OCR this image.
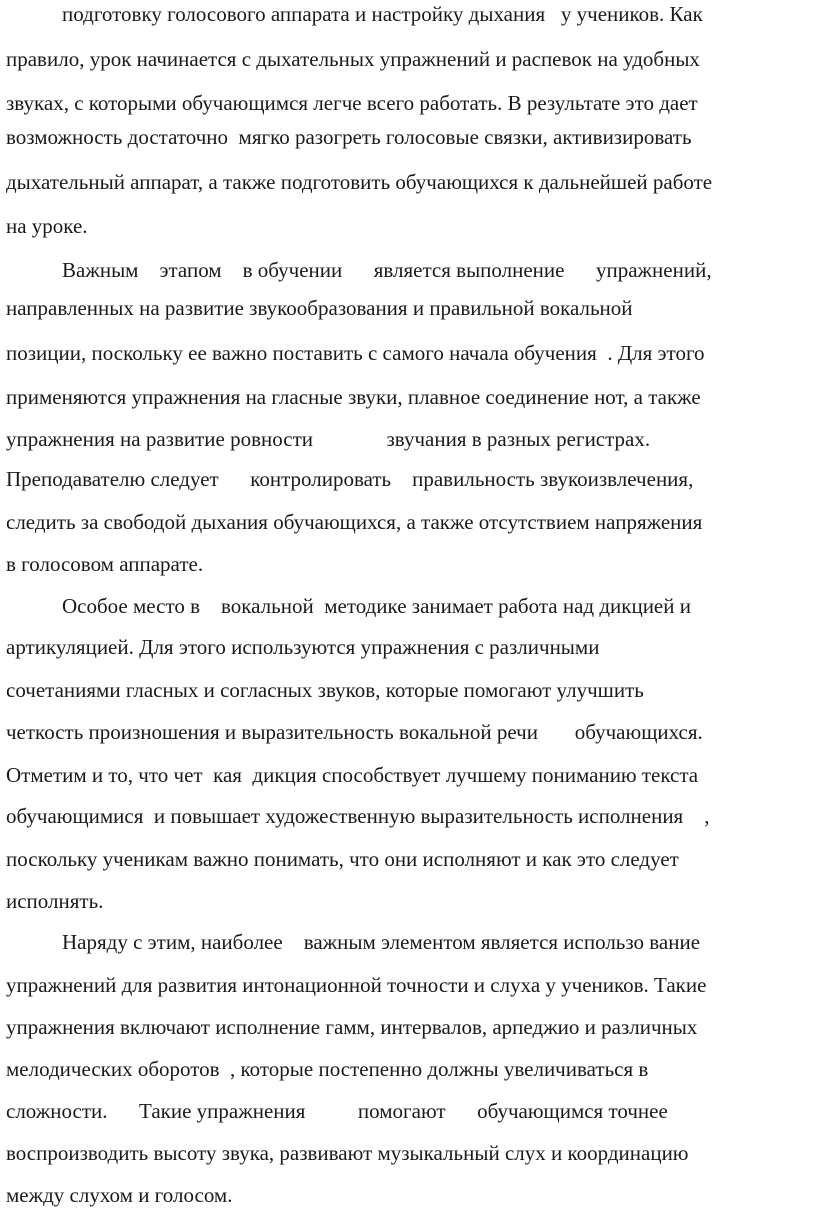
подготовку голосового аппарата и настройку дыхания   у учеников. Как
правило, урок начинается с дыхательных упражнений и распевок на удобных
звуках, с которыми обучающимся легче всего работать. В результате это дает
возможность достаточно  мягко разогреть голосовые связки, активизировать
дыхательный аппарат, а также подготовить обучающихся к дальнейшей работе
на уроке.
Важным    этапом    в обучении      является выполнение      упражнений,
направленных на развитие звукообразования и правильной вокальной
позиции, поскольку ее важно поставить с самого начала обучения  . Для этого
применяются упражнения на гласные звуки, плавное соединение нот, а также
упражнения на развитие ровности              звучания в разных регистрах.
Преподавателю следует      контролировать    правильность звукоизвлечения,
следить за свободой дыхания обучающихся, а также отсутствием напряжения
в голосовом аппарате.
Особое место в    вокальной  методике занимает работа над дикцией и
артикуляцией. Для этого используются упражнения с различными
сочетаниями гласных и согласных звуков, которые помогают улучшить
четкость произношения и выразительность вокальной речи       обучающихся.
Отметим и то, что чет  кая  дикция способствует лучшему пониманию текста
обучающимися  и повышает художественную выразительность исполнения    ,
поскольку ученикам важно понимать, что они исполняют и как это следует
исполнять.
Наряду с этим, наиболее    важным элементом является использо вание
упражнений для развития интонационной точности и слуха у учеников. Такие
упражнения включают исполнение гамм, интервалов, арпеджио и различных
мелодических оборотов  , которые постепенно должны увеличиваться в
сложности.      Такие упражнения          помогают      обучающимся точнее
воспроизводить высоту звука, развивают музыкальный слух и координацию
между слухом и голосом.
